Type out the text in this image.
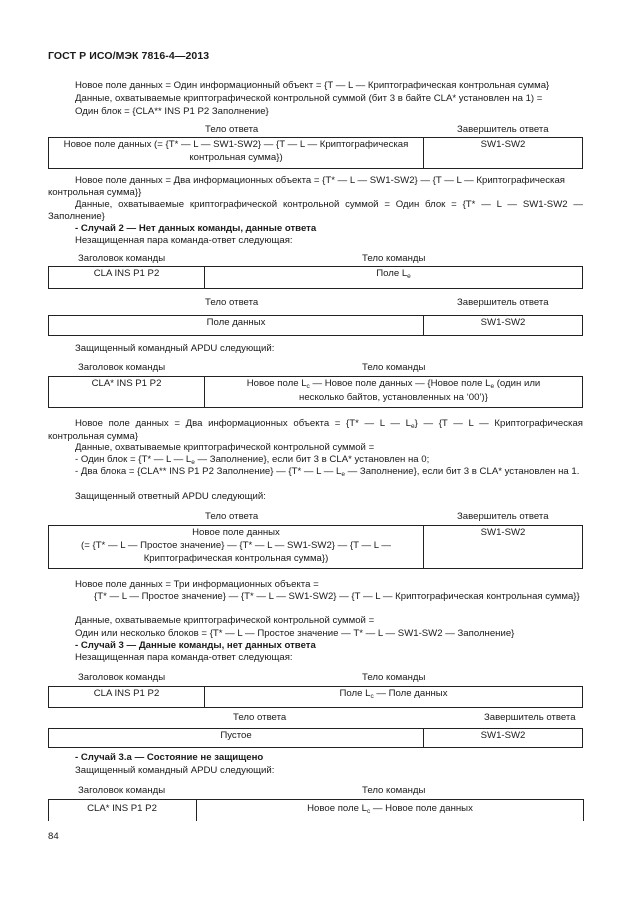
ГОСТ Р ИСО/МЭК 7816-4—2013
Новое поле данных = Один информационный объект = {T — L — Криптографическая контрольная сумма}
Данные, охватываемые криптографической контрольной суммой (бит 3 в байте CLA* установлен на 1) =
Один блок = {CLA** INS P1 P2 Заполнение}
Тело ответа	Завершитель ответа
Новое поле данных (= {T* — L — SW1-SW2} — {T — L — Криптографическая
контрольная сумма})
	SW1-SW2
Новое поле данных = Два информационных объекта = {T* — L — SW1-SW2} — {T — L — Криптографическая контрольная сумма}}
Данные, охватываемые криптографической контрольной суммой = Один блок = {T* — L — SW1-SW2 — Заполнение}
- Случай 2 — Нет данных команды, данные ответа
Незащищенная пара команда-ответ следующая:
Заголовок команды	Тело команды
CLA INS P1 P2	Поле $L_e$
Тело ответа	Завершитель ответа
Поле данных	SW1-SW2
Защищенный командный APDU следующий:
Заголовок команды	Тело команды
CLA* INS P1 P2	Новое поле $L_c$ — Новое поле данных — {Новое поле $L_e$ (один или
несколько байтов, установленных на ‘00’)}
Новое поле данных = Два информационных объекта = {T* — L — $L_e$} — {T — L — Криптографическая контрольная сумма}
Данные, охватываемые криптографической контрольной суммой =
- Один блок = {T* — L — $L_e$ — Заполнение}, если бит 3 в CLA* установлен на 0;
- Два блока = {CLA** INS P1 P2 Заполнение} — {T* — L — $L_e$ — Заполнение}, если бит 3 в CLA* установлен на 1.
Защищенный ответный APDU следующий:
Тело ответа	Завершитель ответа
Новое поле данных
(= {T* — L — Простое значение} — {T* — L — SW1-SW2} — {T — L —
Криптографическая контрольная сумма})
	SW1-SW2
Новое поле данных = Три информационных объекта =
{T* — L — Простое значение} — {T* — L — SW1-SW2} — {T — L — Криптографическая контрольная сумма}}
Данные, охватываемые криптографической контрольной суммой =
Один или несколько блоков = {T* — L — Простое значение — T* — L — SW1-SW2 — Заполнение}
- Случай 3 — Данные команды, нет данных ответа
Незащищенная пара команда-ответ следующая:
Заголовок команды	Тело команды
CLA INS P1 P2	Поле $L_c$ — Поле данных
Тело ответа	Завершитель ответа
Пустое	SW1-SW2
- Случай 3.а — Состояние не защищено
Защищенный командный APDU следующий:
Заголовок команды	Тело команды
CLA* INS P1 P2	Новое поле $L_c$ — Новое поле данных
84
